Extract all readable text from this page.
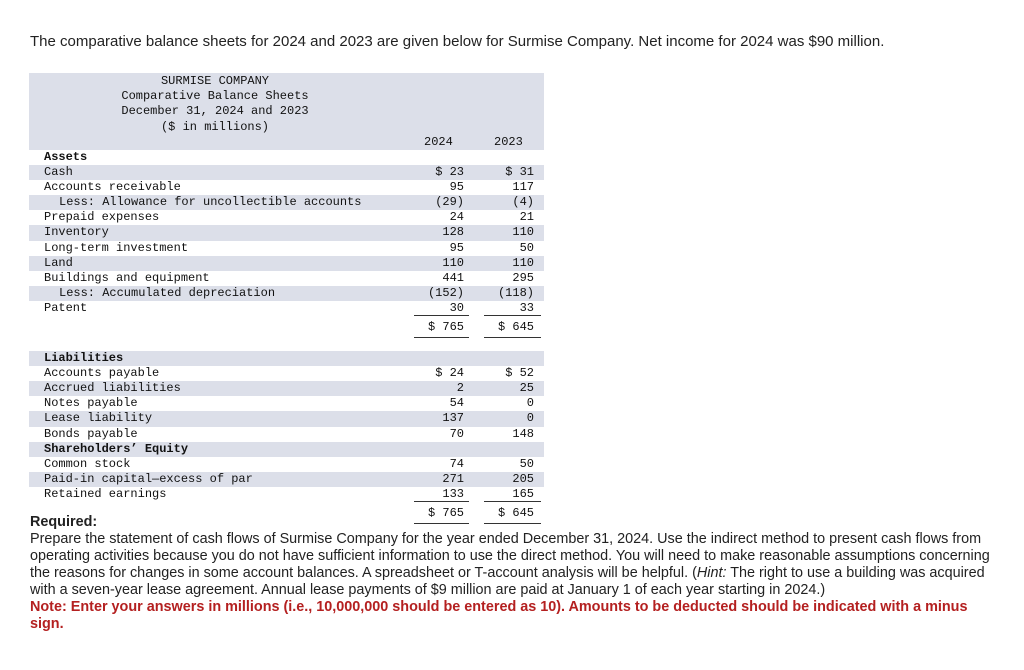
The comparative balance sheets for 2024 and 2023 are given below for Surmise Company. Net income for 2024 was $90 million.
SURMISE COMPANY
Comparative Balance Sheets
December 31, 2024 and 2023
($ in millions)
2024	2023
Assets
Cash	$ 23	$ 31
Accounts receivable	95	117
Less: Allowance for uncollectible accounts	(29)	(4)
Prepaid expenses	24	21
Inventory	128	110
Long-term investment	95	50
Land	110	110
Buildings and equipment	441	295
Less: Accumulated depreciation	(152)	(118)
Patent	30	33
$ 765	$ 645
Liabilities
Accounts payable	$ 24	$ 52
Accrued liabilities	2	25
Notes payable	54	0
Lease liability	137	0
Bonds payable	70	148
Shareholders’ Equity
Common stock	74	50
Paid-in capital—excess of par	271	205
Retained earnings	133	165
$ 765	$ 645
Required:
Prepare the statement of cash flows of Surmise Company for the year ended December 31, 2024. Use the indirect method to present cash flows from operating activities because you do not have sufficient information to use the direct method. You will need to make reasonable assumptions concerning the reasons for changes in some account balances. A spreadsheet or T-account analysis will be helpful. (Hint: The right to use a building was acquired with a seven-year lease agreement. Annual lease payments of $9 million are paid at January 1 of each year starting in 2024.)
Note: Enter your answers in millions (i.e., 10,000,000 should be entered as 10). Amounts to be deducted should be indicated with a minus sign.
